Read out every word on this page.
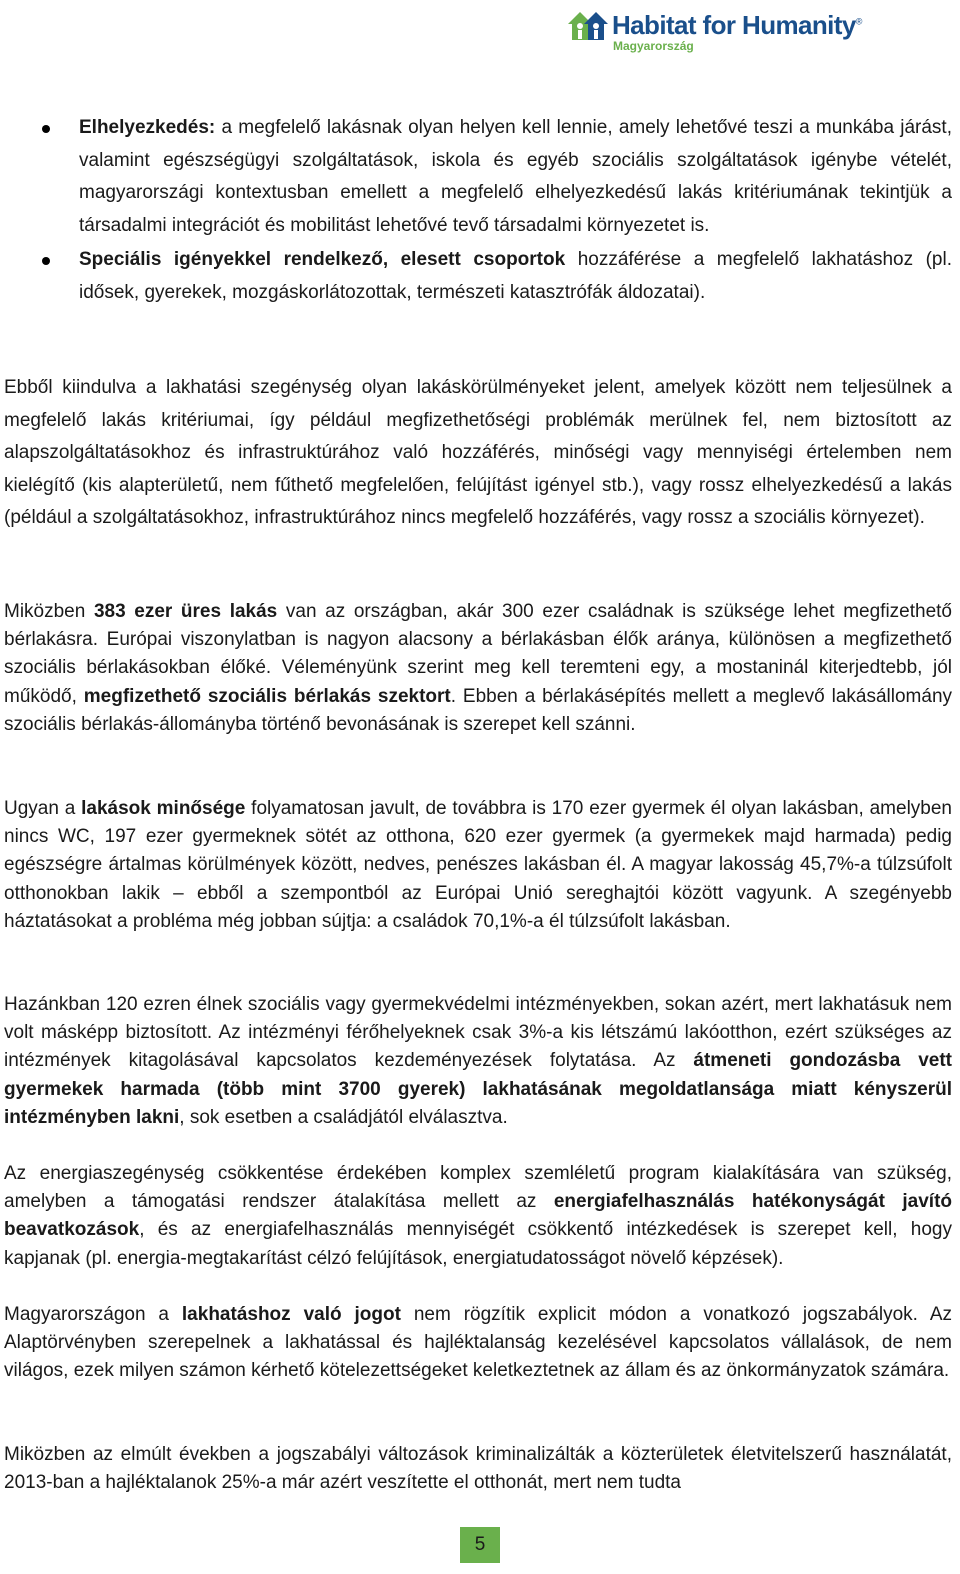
Habitat for Humanity®
Magyarország
Elhelyezkedés: a megfelelő lakásnak olyan helyen kell lennie, amely lehetővé teszi a munkába járást, valamint egészségügyi szolgáltatások, iskola és egyéb szociális szolgáltatások igénybe vételét, magyarországi kontextusban emellett a megfelelő elhelyezkedésű lakás kritériumának tekintjük a társadalmi integrációt és mobilitást lehetővé tevő társadalmi környezetet is.
Speciális igényekkel rendelkező, elesett csoportok hozzáférése a megfelelő lakhatáshoz (pl. idősek, gyerekek, mozgáskorlátozottak, természeti katasztrófák áldozatai).

Ebből kiindulva a lakhatási szegénység olyan lakáskörülményeket jelent, amelyek között nem teljesülnek a megfelelő lakás kritériumai, így például megfizethetőségi problémák merülnek fel, nem biztosított az alapszolgáltatásokhoz és infrastruktúrához való hozzáférés, minőségi vagy mennyiségi értelemben nem kielégítő (kis alapterületű, nem fűthető megfelelően, felújítást igényel stb.), vagy rossz elhelyezkedésű a lakás (például a szolgáltatásokhoz, infrastruktúrához nincs megfelelő hozzáférés, vagy rossz a szociális környezet).

Miközben 383 ezer üres lakás van az országban, akár 300 ezer családnak is szüksége lehet megfizethető bérlakásra. Európai viszonylatban is nagyon alacsony a bérlakásban élők aránya, különösen a megfizethető szociális bérlakásokban élőké. Véleményünk szerint meg kell teremteni egy, a mostaninál kiterjedtebb, jól működő, megfizethető szociális bérlakás szektort. Ebben a bérlakásépítés mellett a meglevő lakásállomány szociális bérlakás-állományba történő bevonásának is szerepet kell szánni.

Ugyan a lakások minősége folyamatosan javult, de továbbra is 170 ezer gyermek él olyan lakásban, amelyben nincs WC, 197 ezer gyermeknek sötét az otthona, 620 ezer gyermek (a gyermekek majd harmada) pedig egészségre ártalmas körülmények között, nedves, penészes lakásban él. A magyar lakosság 45,7%-a túlzsúfolt otthonokban lakik – ebből a szempontból az Európai Unió sereghajtói között vagyunk. A szegényebb háztatásokat a probléma még jobban sújtja: a családok 70,1%-a él túlzsúfolt lakásban.

Hazánkban 120 ezren élnek szociális vagy gyermekvédelmi intézményekben, sokan azért, mert lakhatásuk nem volt másképp biztosított. Az intézményi férőhelyeknek csak 3%-a kis létszámú lakóotthon, ezért szükséges az intézmények kitagolásával kapcsolatos kezdeményezések folytatása. Az átmeneti gondozásba vett gyermekek harmada (több mint 3700 gyerek) lakhatásának megoldatlansága miatt kényszerül intézményben lakni, sok esetben a családjától elválasztva.

Az energiaszegénység csökkentése érdekében komplex szemléletű program kialakítására van szükség, amelyben a támogatási rendszer átalakítása mellett az energiafelhasználás hatékonyságát javító beavatkozások, és az energiafelhasználás mennyiségét csökkentő intézkedések is szerepet kell, hogy kapjanak (pl. energia-megtakarítást célzó felújítások, energiatudatosságot növelő képzések).

Magyarországon a lakhatáshoz való jogot nem rögzítik explicit módon a vonatkozó jogszabályok. Az Alaptörvényben szerepelnek a lakhatással és hajléktalanság kezelésével kapcsolatos vállalások, de nem világos, ezek milyen számon kérhető kötelezettségeket keletkeztetnek az állam és az önkormányzatok számára.

Miközben az elmúlt években a jogszabályi változások kriminalizálták a közterületek életvitelszerű használatát, 2013-ban a hajléktalanok 25%-a már azért veszítette el otthonát, mert nem tudta

5
